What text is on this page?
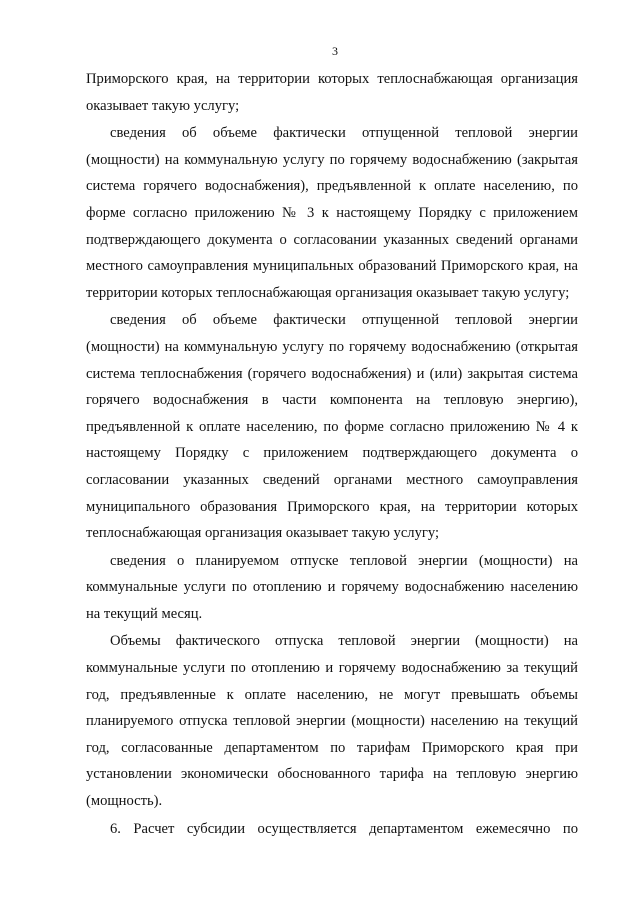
3

Приморского края, на территории которых теплоснабжающая организация оказывает такую услугу;

сведения об объеме фактически отпущенной тепловой энергии (мощности) на коммунальную услугу по горячему водоснабжению (закрытая система горячего водоснабжения), предъявленной к оплате населению, по форме согласно приложению № 3 к настоящему Порядку с приложением подтверждающего документа о согласовании указанных сведений органами местного самоуправления муниципальных образований Приморского края, на территории которых теплоснабжающая организация оказывает такую услугу;

сведения об объеме фактически отпущенной тепловой энергии (мощности) на коммунальную услугу по горячему водоснабжению (открытая система теплоснабжения (горячего водоснабжения) и (или) закрытая система горячего водоснабжения в части компонента на тепловую энергию), предъявленной к оплате населению, по форме согласно приложению № 4 к настоящему Порядку с приложением подтверждающего документа о согласовании указанных сведений органами местного самоуправления муниципального образования Приморского края, на территории которых теплоснабжающая организация оказывает такую услугу;

сведения о планируемом отпуске тепловой энергии (мощности) на коммунальные услуги по отоплению и горячему водоснабжению населению на текущий месяц.

Объемы фактического отпуска тепловой энергии (мощности) на коммунальные услуги по отоплению и горячему водоснабжению за текущий год, предъявленные к оплате населению, не могут превышать объемы планируемого отпуска тепловой энергии (мощности) населению на текущий год, согласованные департаментом по тарифам Приморского края при установлении экономически обоснованного тарифа на тепловую энергию (мощность).

6. Расчет субсидии осуществляется департаментом ежемесячно по
